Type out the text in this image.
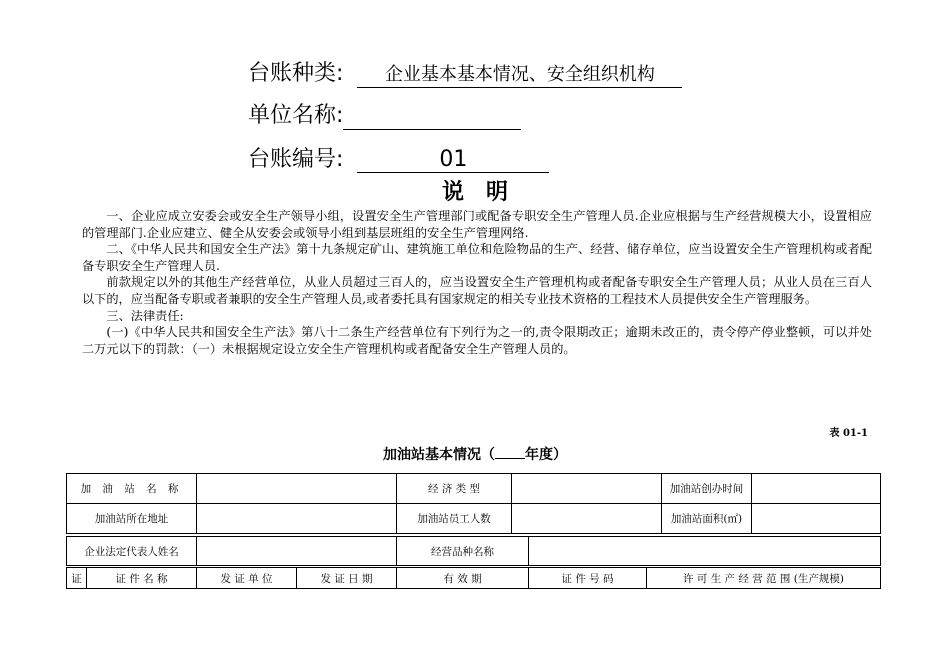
台账种类: 企业基本基本情况、安全组织机构
单位名称:
台账编号:	01
说明

一、企业应成立安委会或安全生产领导小组，设置安全生产管理部门或配备专职安全生产管理人员.企业应根据与生产经营规模大小，设置相应的管理部门.企业应建立、健全从安委会或领导小组到基层班组的安全生产管理网络.

二、《中华人民共和国安全生产法》第十九条规定矿山、建筑施工单位和危险物品的生产、经营、储存单位，应当设置安全生产管理机构或者配备专职安全生产管理人员.

前款规定以外的其他生产经营单位，从业人员超过三百人的，应当设置安全生产管理机构或者配备专职安全生产管理人员；从业人员在三百人以下的，应当配备专职或者兼职的安全生产管理人员,或者委托具有国家规定的相关专业技术资格的工程技术人员提供安全生产管理服务。

三、法律责任:

(一)《中华人民共和国安全生产法》第八十二条生产经营单位有下列行为之一的,责令限期改正；逾期未改正的，责令停产停业整顿，可以并处二万元以下的罚款：（一）未根据规定设立安全生产管理机构或者配备安全生产管理人员的。

表 01-1
加油站基本情况（ 年度）
加 油 站 名 称		经 济 类 型		加油站创办时间	
加油站所在地址		加油站员工人数		加油站面积(㎡)	
企业法定代表人姓名		经营品种名称	
证	证 件 名 称	发 证 单 位	发 证 日 期	有 效 期	证 件 号 码	许 可 生 产 经 营 范 围 (生产规模)
